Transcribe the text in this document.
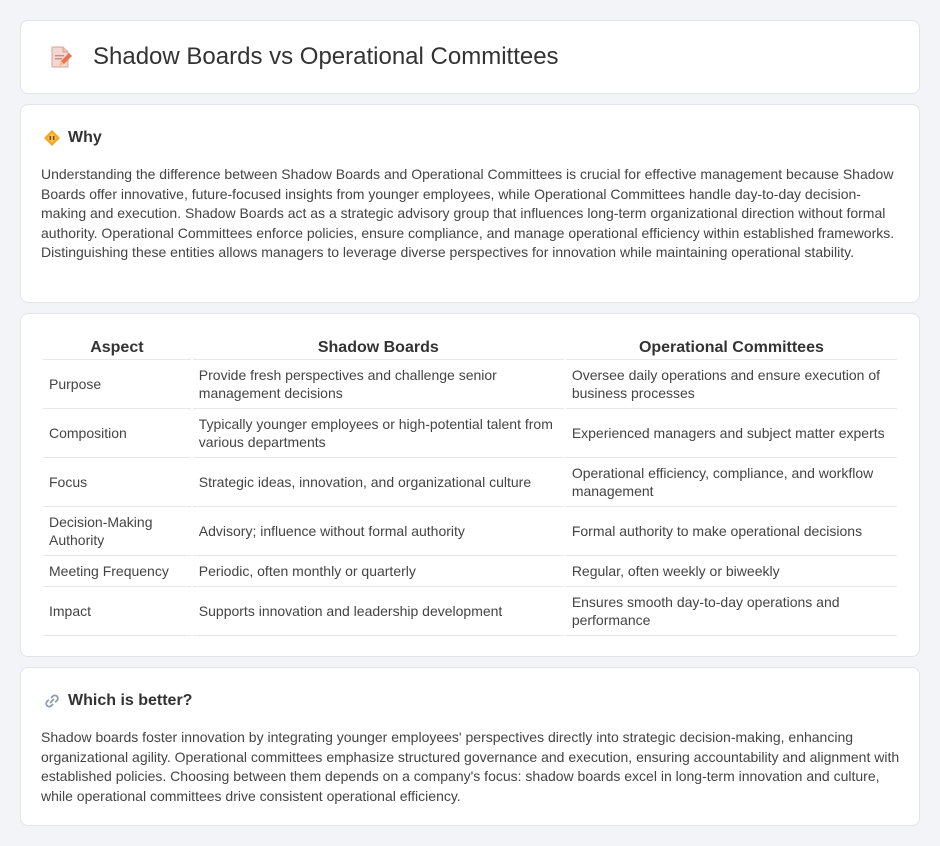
Shadow Boards vs Operational Committees
Why

Understanding the difference between Shadow Boards and Operational Committees is crucial for effective management because Shadow Boards offer innovative, future-focused insights from younger employees, while Operational Committees handle day-to-day decision-making and execution. Shadow Boards act as a strategic advisory group that influences long-term organizational direction without formal authority. Operational Committees enforce policies, ensure compliance, and manage operational efficiency within established frameworks. Distinguishing these entities allows managers to leverage diverse perspectives for innovation while maintaining operational stability.

Aspect	Shadow Boards	Operational Committees
Purpose	Provide fresh perspectives and challenge senior management decisions	Oversee daily operations and ensure execution of business processes
Composition	Typically younger employees or high-potential talent from various departments	Experienced managers and subject matter experts
Focus	Strategic ideas, innovation, and organizational culture	Operational efficiency, compliance, and workflow management
Decision-Making Authority	Advisory; influence without formal authority	Formal authority to make operational decisions
Meeting Frequency	Periodic, often monthly or quarterly	Regular, often weekly or biweekly
Impact	Supports innovation and leadership development	Ensures smooth day-to-day operations and performance
Which is better?

Shadow boards foster innovation by integrating younger employees' perspectives directly into strategic decision-making, enhancing organizational agility. Operational committees emphasize structured governance and execution, ensuring accountability and alignment with established policies. Choosing between them depends on a company's focus: shadow boards excel in long-term innovation and culture, while operational committees drive consistent operational efficiency.
